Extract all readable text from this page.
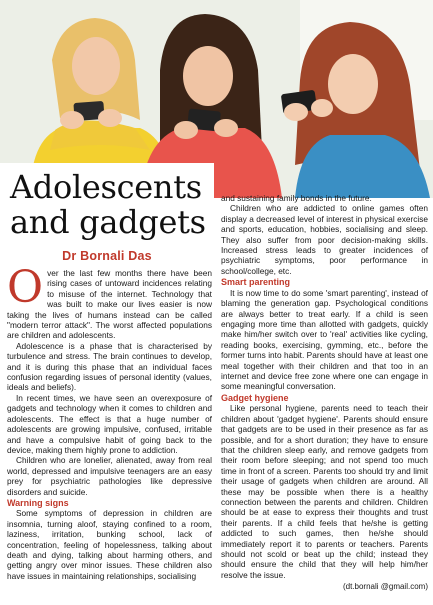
Adolescents and gadgets
Dr Bornali Das

Over the last few months there have been rising cases of untoward incidences relating to misuse of the internet. Technology that was built to make our lives easier is now taking the lives of humans instead can be called "modern terror attack". The worst affected populations are children and adolescents.

Adolescence is a phase that is characterised by turbulence and stress. The brain continues to develop, and it is during this phase that an individual faces confusion regarding issues of personal identity (values, ideals and beliefs).

In recent times, we have seen an overexposure of gadgets and technology when it comes to children and adolescents. The effect is that a huge number of adolescents are growing impulsive, confused, irritable and have a compulsive habit of going back to the device, making them highly prone to addiction.

Children who are lonelier, alienated, away from real world, depressed and impulsive teenagers are an easy prey for psychiatric pathologies like depressive disorders and suicide.

Warning signs

Some symptoms of depression in children are insomnia, turning aloof, staying confined to a room, laziness, irritation, bunking school, lack of concentration, feeling of hopelessness, talking about death and dying, talking about harming others, and getting angry over minor issues. These children also have issues in maintaining relationships, socialising

and sustaining family bonds in the future.

Children who are addicted to online games often display a decreased level of interest in physical exercise and sports, education, hobbies, socialising and sleep. They also suffer from poor decision-making skills. Increased stress leads to greater incidences of psychiatric symptoms, poor performance in school/college, etc.

Smart parenting

It is now time to do some 'smart parenting', instead of blaming the generation gap. Psychological conditions are always better to treat early. If a child is seen engaging more time than allotted with gadgets, quickly make him/her switch over to 'real' activities like cycling, reading books, exercising, gymming, etc., before the former turns into habit. Parents should have at least one meal together with their children and that too in an internet and device free zone where one can engage in some meaningful conversation.

Gadget hygiene

Like personal hygiene, parents need to teach their children about 'gadget hygiene'. Parents should ensure that gadgets are to be used in their presence as far as possible, and for a short duration; they have to ensure that the children sleep early, and remove gadgets from their room before sleeping; and not spend too much time in front of a screen. Parents too should try and limit their usage of gadgets when children are around. All these may be possible when there is a healthy connection between the parents and children. Children should be at ease to express their thoughts and trust their parents. If a child feels that he/she is getting addicted to such games, then he/she should immediately report it to parents or teachers. Parents should not scold or beat up the child; instead they should ensure the child that they will help him/her resolve the issue.

(dt.bornali @gmail.com)
